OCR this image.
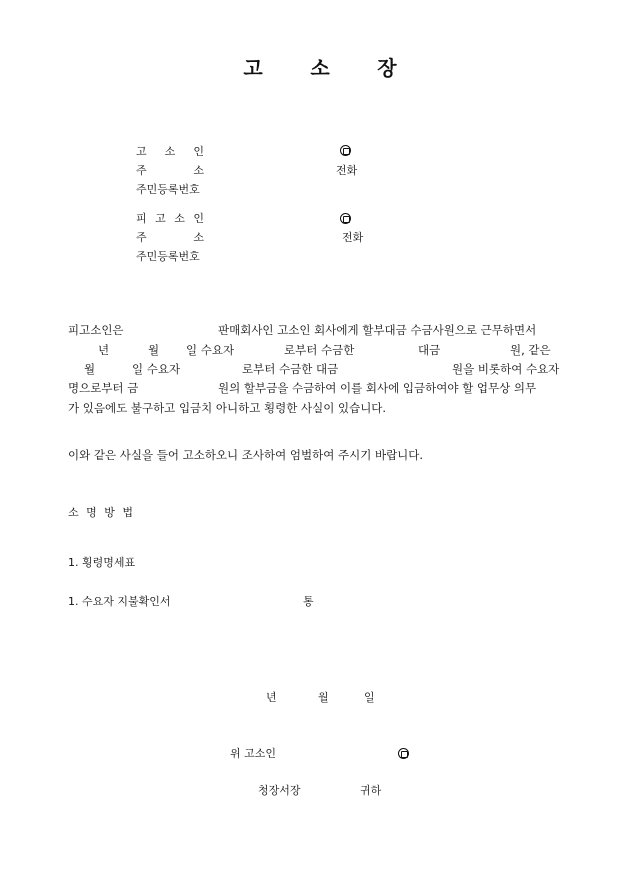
고 소 장
고 소 인
주	소	전화
주민등록번호
피 고 소 인
주	소	전화
주민등록번호
피고소인은	판매회사인 고소인 회사에게 할부대금 수금사원으로 근무하면서
년	월 일 수요자	로부터 수금한	대금	원, 같은
월	일 수요자	로부터 수금한 대금	원을 비롯하여 수요자
명으로부터 금	원의 할부금을 수금하여 이를 회사에 입금하여야 할 업무상 의무
가 있음에도 불구하고 입금치 아니하고 횡령한 사실이 있습니다.
이와 같은 사실을 들어 고소하오니 조사하여 엄벌하여 주시기 바랍니다.
소 명 방 법
1. 횡령명세표
1. 수요자 지불확인서	통
년	월	일
위 고소인
청장서장	귀하
